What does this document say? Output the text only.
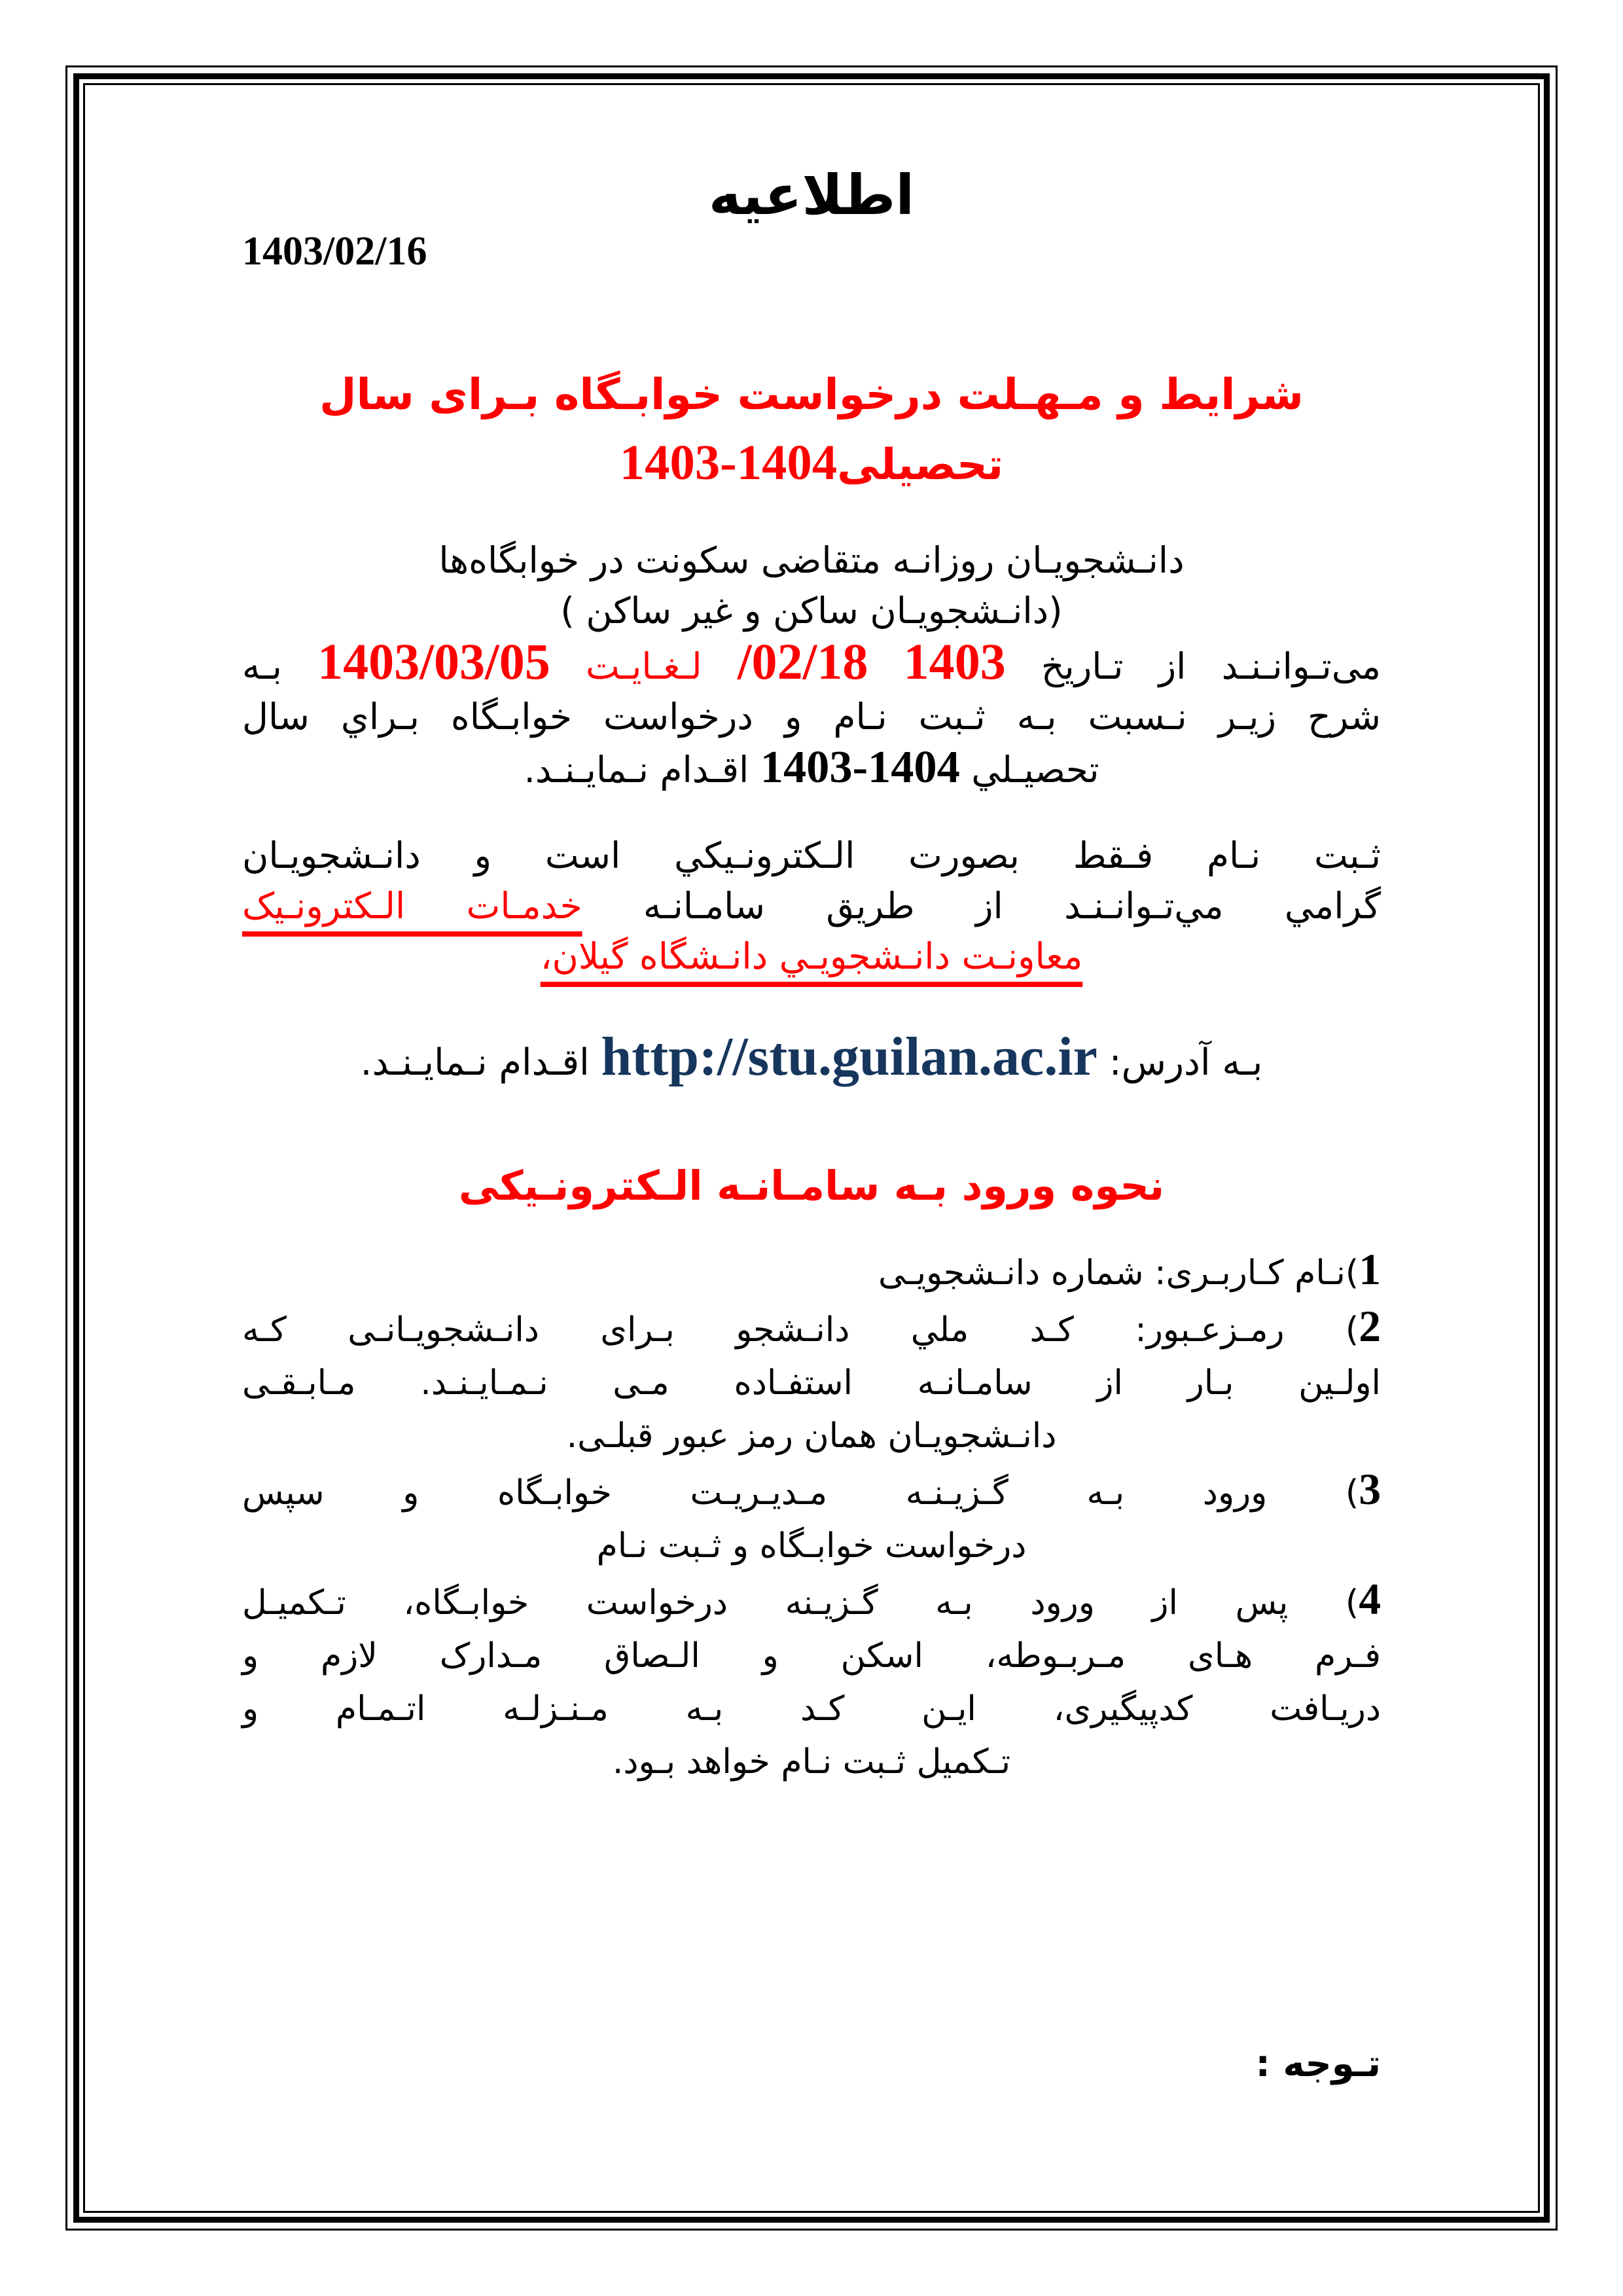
اطلاعیه
1403/02/16
شرایط و مـهـلت درخواست خوابـگاه بـرای سال
تحصیلی1403-1404
دانـشجویـان روزانـه متقاضی سکونت در خوابگاه‌ها
(دانـشجویـان ساکن و غیر ساکن )
می‌تـوانـنـد از تـاریخ 1403 /02/18 لـغـایـت 1403/03/05 بـه
شرح زیـر نـسبت بـه ثـبت نـام و درخواست خوابـگاه بـراي سال
تحصیـلي 1403-1404 اقـدام نـمایـنـد.
ثـبت نـام فـقط بصورت الـکترونـیکي است و دانـشجویـان
گرامي مي‌تـوانـنـد از طریق سامـانـه خدمـات الـکترونـیک
معاونـت دانـشجویـي دانـشگاه گیلان،
بـه آدرس: http://stu.guilan.ac.ir اقـدام نـمایـنـد.
نحوه ورود بـه سامـانـه الـکترونـیکی
1)نـام کـاربـری: شماره دانـشجویـی
2) رمـزعـبور: کـد ملي دانـشجو بـرای دانـشجویـانـی کـه
اولـین بـار از سامـانـه استفـاده مـی نـمـایـنـد. مـابـقـی
دانـشجویـان همان رمز عبور قبلـی.
3) ورود بـه گـزیـنـه مـدیـریـت خوابـگاه و سپس
درخواست خوابـگاه و ثـبت نـام
4) پس از ورود بـه گـزیـنه درخواست خوابـگاه، تـکمیـل
فـرم هـای مـربـوطه، اسکن و الـصاق مـدارک لازم و
دریـافت کدپیگیری، ایـن کـد بـه مـنـزلـه اتـمـام و
تـکمیل ثـبت نـام خواهد بـود.
تـوجه :
